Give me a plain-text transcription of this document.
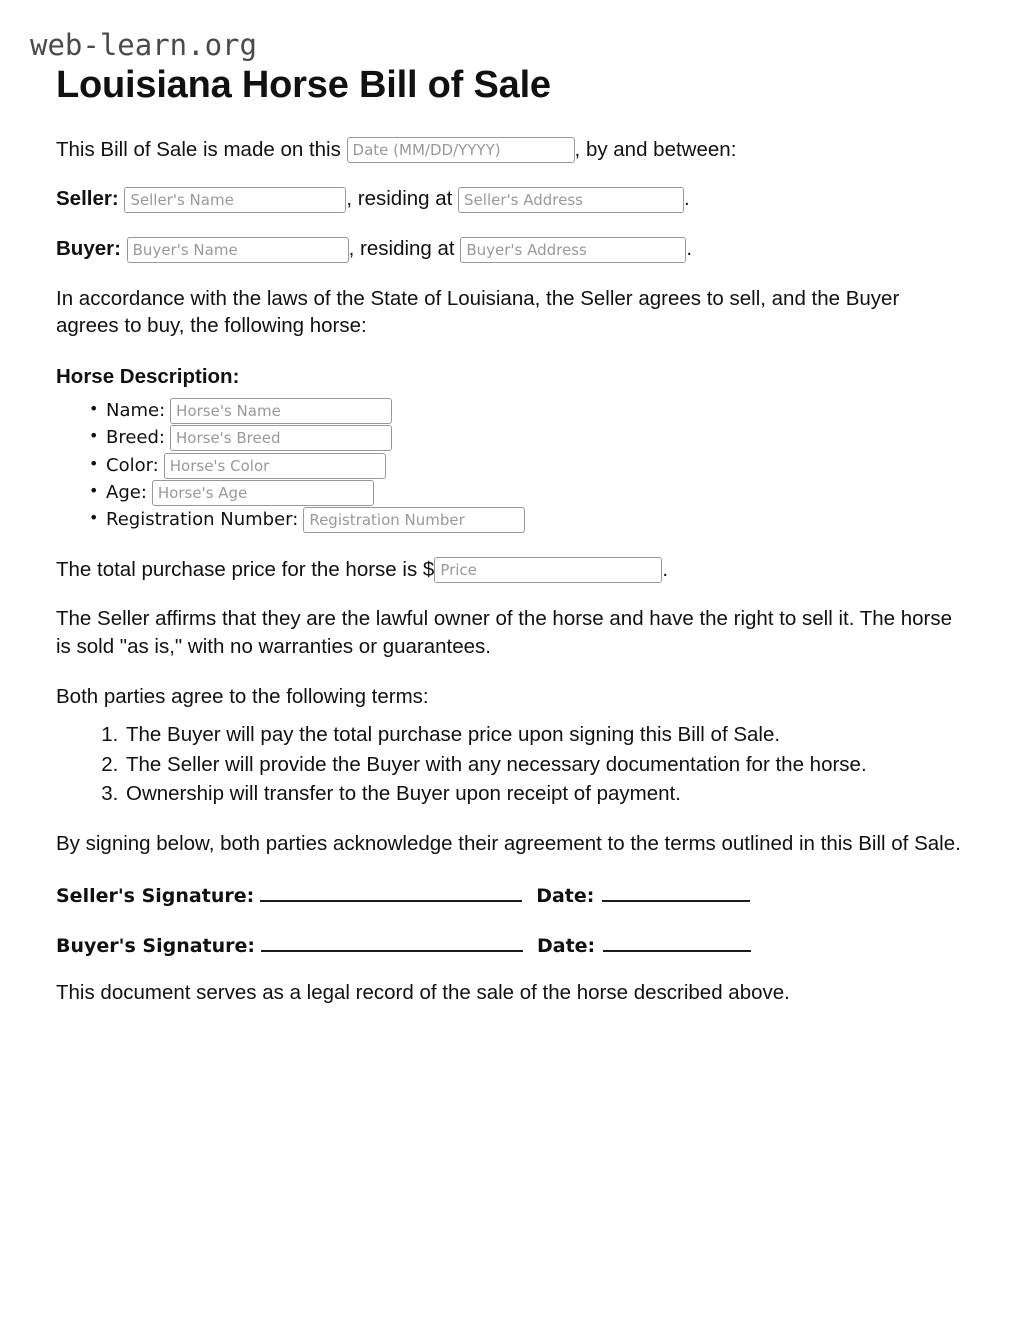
web-learn.org
Louisiana Horse Bill of Sale

This Bill of Sale is made on this Date (MM/DD/YYYY)	, by and between:

Seller: Seller's Name	, residing at Seller's Address	.

Buyer: Buyer's Name	, residing at Buyer's Address	.

In accordance with the laws of the State of Louisiana, the Seller agrees to sell, and the Buyer agrees to buy, the following horse:

Horse Description:
• Name:Horse's Name
• Breed:Horse's Breed
• Color:Horse's Color
• Age:Horse's Age
• Registration Number:Registration Number

The total purchase price for the horse is $Price	.

The Seller affirms that they are the lawful owner of the horse and have the right to sell it. The horse is sold "as is," with no warranties or guarantees.

Both parties agree to the following terms:

1. The Buyer will pay the total purchase price upon signing this Bill of Sale.
2. The Seller will provide the Buyer with any necessary documentation for the horse.
3. Ownership will transfer to the Buyer upon receipt of payment.

By signing below, both parties acknowledge their agreement to the terms outlined in this Bill of Sale.

Seller's Signature:	Date:
Buyer's Signature:	Date:

This document serves as a legal record of the sale of the horse described above.
